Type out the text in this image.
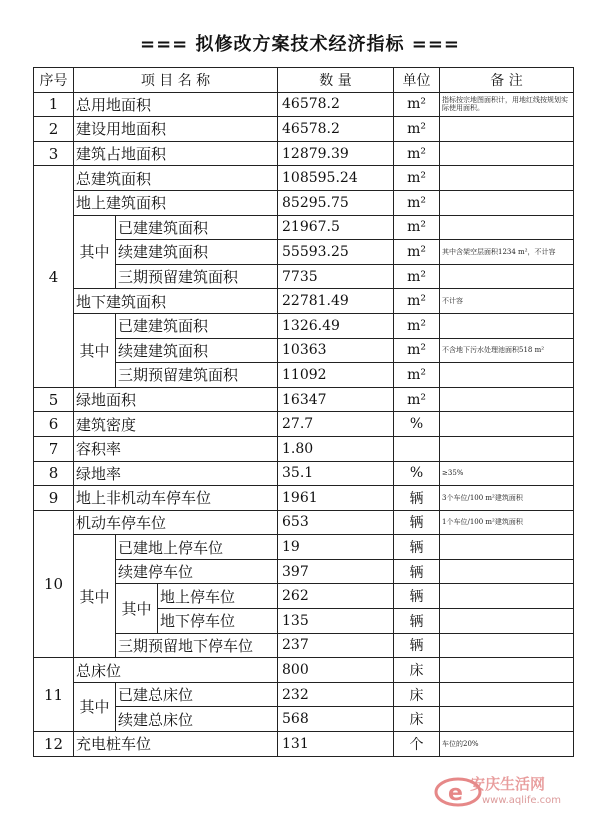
=== 拟修改方案技术经济指标 ===
序号	项 目 名 称			数 量	单位	备 注
1	总用地面积			46578.2	m²	指标按宗地图面积计，用地红线按规划实际使用面积。
2	建设用地面积			46578.2	m²	
3	建筑占地面积			12879.39	m²	
4	总建筑面积			108595.24	m²	
	地上建筑面积			85295.75	m²	
	其中	已建建筑面积		21967.5	m²	
		续建建筑面积		55593.25	m²	其中含架空层面积1234 m²，不计容
		三期预留建筑面积		7735	m²	
	地下建筑面积			22781.49	m²	不计容
	其中	已建建筑面积		1326.49	m²	
		续建建筑面积		10363	m²	不含地下污水处理池面积518 m²
		三期预留建筑面积		11092	m²	
5	绿地面积			16347	m²	
6	建筑密度			27.7	%	
7	容积率			1.80		
8	绿地率			35.1	%	≥35%
9	地上非机动车停车位			1961	辆	3个车位/100 m²建筑面积
10	机动车停车位			653	辆	1个车位/100 m²建筑面积
	其中	已建地上停车位		19	辆	
		续建停车位		397	辆	
		其中	地上停车位	262	辆	
			地下停车位	135	辆	
		三期预留地下停车位		237	辆	
11	总床位			800	床	
	其中	已建总床位		232	床	
		续建总床位		568	床	
12	充电桩车位			131	个	车位的20%
e 安庆生活网
www.aqlife.com
